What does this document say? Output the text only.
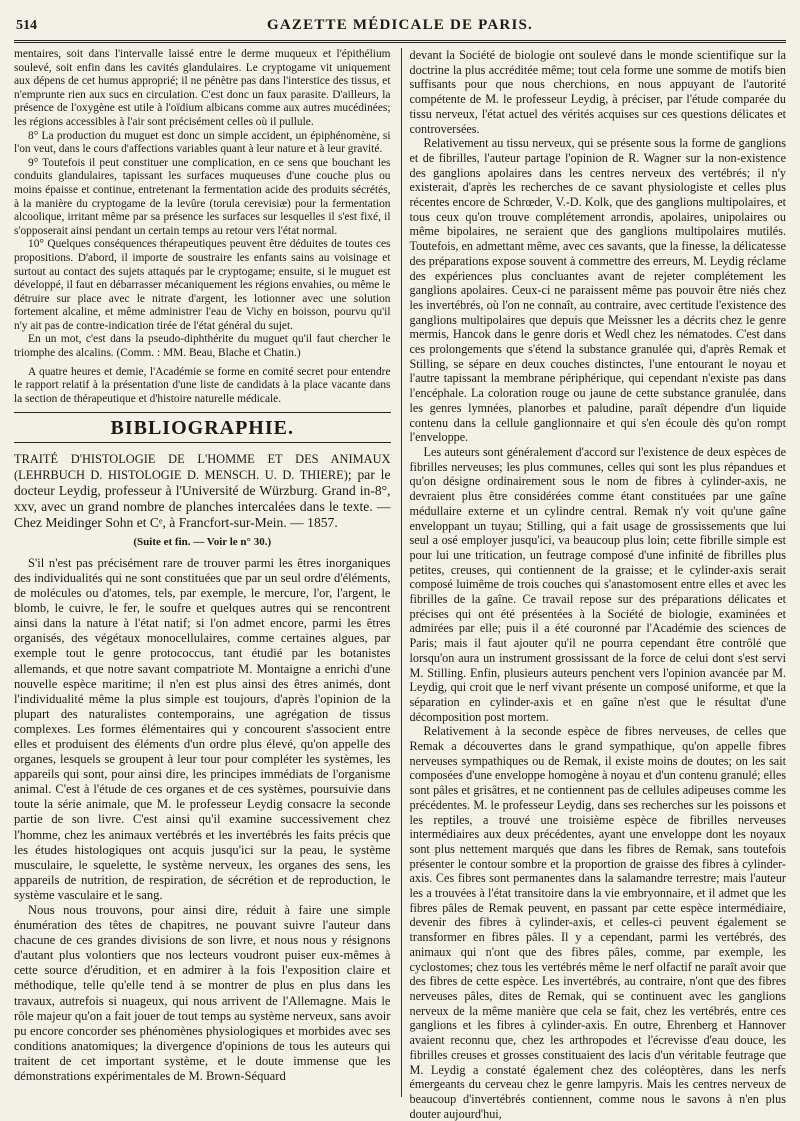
514	GAZETTE MÉDICALE DE PARIS.

mentaires, soit dans l'intervalle laissé entre le derme muqueux et l'épithélium soulevé, soit enfin dans les cavités glandulaires. Le cryptogame vit uniquement aux dépens de cet humus approprié; il ne pénètre pas dans l'interstice des tissus, et n'emprunte rien aux sucs en circulation. C'est donc un faux parasite. D'ailleurs, la présence de l'oxygène est utile à l'oïdium albicans comme aux autres mucédinées; les régions accessibles à l'air sont précisément celles où il pullule.

8° La production du muguet est donc un simple accident, un épiphénomène, si l'on veut, dans le cours d'affections variables quant à leur nature et à leur gravité.

9° Toutefois il peut constituer une complication, en ce sens que bouchant les conduits glandulaires, tapissant les surfaces muqueuses d'une couche plus ou moins épaisse et continue, entretenant la fermentation acide des produits sécrétés, à la manière du cryptogame de la levûre (torula cerevisiæ) pour la fermentation alcoolique, irritant même par sa présence les surfaces sur lesquelles il s'est fixé, il s'opposerait ainsi pendant un certain temps au retour vers l'état normal.

10° Quelques conséquences thérapeutiques peuvent être déduites de toutes ces propositions. D'abord, il importe de soustraire les enfants sains au voisinage et surtout au contact des sujets attaqués par le cryptogame; ensuite, si le muguet est développé, il faut en débarrasser mécaniquement les régions envahies, ou même le détruire sur place avec le nitrate d'argent, les lotionner avec une solution fortement alcaline, et même administrer l'eau de Vichy en boisson, pourvu qu'il n'y ait pas de contre-indication tirée de l'état général du sujet.

En un mot, c'est dans la pseudo-diphthérite du muguet qu'il faut chercher le triomphe des alcalins. (Comm. : MM. Beau, Blache et Chatin.)

A quatre heures et demie, l'Académie se forme en comité secret pour entendre le rapport relatif à la présentation d'une liste de candidats à la place vacante dans la section de thérapeutique et d'histoire naturelle médicale.

BIBLIOGRAPHIE.

TRAITÉ D'HISTOLOGIE DE L'HOMME ET DES ANIMAUX (LEHRBUCH D. HISTOLOGIE D. MENSCH. U. D. THIERE); par le docteur Leydig, professeur à l'Université de Würzburg. Grand in-8°, xxv, avec un grand nombre de planches intercalées dans le texte. — Chez Meidinger Sohn et Cᵉ, à Francfort-sur-Mein. — 1857.

(Suite et fin. — Voir le n° 30.)

S'il n'est pas précisément rare de trouver parmi les êtres inorganiques des individualités qui ne sont constituées que par un seul ordre d'éléments, de molécules ou d'atomes, tels, par exemple, le mercure, l'or, l'argent, le blomb, le cuivre, le fer, le soufre et quelques autres qui se rencontrent ainsi dans la nature à l'état natif; si l'on admet encore, parmi les êtres organisés, des végétaux monocellulaires, comme certaines algues, par exemple tout le genre protococcus, tant étudié par les botanistes allemands, et que notre savant compatriote M. Montaigne a enrichi d'une nouvelle espèce maritime; il n'en est plus ainsi des êtres animés, dont l'individualité même la plus simple est toujours, d'après l'opinion de la plupart des naturalistes contemporains, une agrégation de tissus complexes. Les formes élémentaires qui y concourent s'associent entre elles et produisent des éléments d'un ordre plus élevé, qu'on appelle des organes, lesquels se groupent à leur tour pour compléter les systèmes, les appareils qui sont, pour ainsi dire, les principes immédiats de l'organisme animal. C'est à l'étude de ces organes et de ces systèmes, poursuivie dans toute la série animale, que M. le professeur Leydig consacre la seconde partie de son livre. C'est ainsi qu'il examine successivement chez l'homme, chez les animaux vertébrés et les invertébrés les faits précis que les études histologiques ont acquis jusqu'ici sur la peau, le système musculaire, le squelette, le système nerveux, les organes des sens, les appareils de nutrition, de respiration, de sécrétion et de reproduction, le système vasculaire et le sang.

Nous nous trouvons, pour ainsi dire, réduit à faire une simple énumération des têtes de chapitres, ne pouvant suivre l'auteur dans chacune de ces grandes divisions de son livre, et nous nous y résignons d'autant plus volontiers que nos lecteurs voudront puiser eux-mêmes à cette source d'érudition, et en admirer à la fois l'exposition claire et méthodique, telle qu'elle tend à se montrer de plus en plus dans les travaux, autrefois si nuageux, qui nous arrivent de l'Allemagne. Mais le rôle majeur qu'on a fait jouer de tout temps au système nerveux, sans avoir pu encore concorder ses phénomènes physiologiques et morbides avec ses conditions anatomiques; la divergence d'opinions de tous les auteurs qui traitent de cet important système, et le doute immense que les démonstrations expérimentales de M. Brown-Séquard

devant la Société de biologie ont soulevé dans le monde scientifique sur la doctrine la plus accréditée même; tout cela forme une somme de motifs bien suffisants pour que nous cherchions, en nous appuyant de l'autorité compétente de M. le professeur Leydig, à préciser, par l'étude comparée du tissu nerveux, l'état actuel des vérités acquises sur ces questions délicates et controversées.

Relativement au tissu nerveux, qui se présente sous la forme de ganglions et de fibrilles, l'auteur partage l'opinion de R. Wagner sur la non-existence des ganglions apolaires dans les centres nerveux des vertébrés; il n'y existerait, d'après les recherches de ce savant physiologiste et celles plus récentes encore de Schrœder, V.-D. Kolk, que des ganglions multipolaires, et tous ceux qu'on trouve complétement arrondis, apolaires, unipolaires ou même bipolaires, ne seraient que des ganglions multipolaires mutilés. Toutefois, en admettant même, avec ces savants, que la finesse, la délicatesse des préparations expose souvent à commettre des erreurs, M. Leydig réclame des expériences plus concluantes avant de rejeter complétement les ganglions apolaires. Ceux-ci ne paraissent même pas pouvoir être niés chez les invertébrés, où l'on ne connaît, au contraire, avec certitude l'existence des ganglions multipolaires que depuis que Meissner les a décrits chez le genre mermis, Hancok dans le genre doris et Wedl chez les nématodes. C'est dans ces prolongements que s'étend la substance granulée qui, d'après Remak et Stilling, se sépare en deux couches distinctes, l'une entourant le noyau et l'autre tapissant la membrane périphérique, qui cependant n'existe pas dans l'encéphale. La coloration rouge ou jaune de cette substance granulée, dans les genres lymnées, planorbes et paludine, paraît dépendre d'un liquide contenu dans la cellule ganglionnaire et qui s'en écoule dès qu'on rompt l'enveloppe.

Les auteurs sont généralement d'accord sur l'existence de deux espèces de fibrilles nerveuses; les plus communes, celles qui sont les plus répandues et qu'on désigne ordinairement sous le nom de fibres à cylinder-axis, ne devraient plus être considérées comme étant constituées par une gaîne médullaire externe et un cylindre central. Remak n'y voit qu'une gaîne enveloppant un tuyau; Stilling, qui a fait usage de grossissements que lui seul a osé employer jusqu'ici, va beaucoup plus loin; cette fibrille simple est pour lui une tritication, un feutrage composé d'une infinité de fibrilles plus petites, creuses, qui contiennent de la graisse; et le cylinder-axis serait composé luimême de trois couches qui s'anastomosent entre elles et avec les fibrilles de la gaîne. Ce travail repose sur des préparations délicates et précises qui ont été présentées à la Société de biologie, examinées et admirées par elle; puis il a été couronné par l'Académie des sciences de Paris; mais il faut ajouter qu'il ne pourra cependant être contrôlé que lorsqu'on aura un instrument grossissant de la force de celui dont s'est servi M. Stilling. Enfin, plusieurs auteurs penchent vers l'opinion avancée par M. Leydig, qui croit que le nerf vivant présente un composé uniforme, et que la séparation en cylinder-axis et en gaîne n'est que le résultat d'une décomposition post mortem.

Relativement à la seconde espèce de fibres nerveuses, de celles que Remak a découvertes dans le grand sympathique, qu'on appelle fibres nerveuses sympathiques ou de Remak, il existe moins de doutes; on les sait composées d'une enveloppe homogène à noyau et d'un contenu granulé; elles sont pâles et grisâtres, et ne contiennent pas de cellules adipeuses comme les précédentes. M. le professeur Leydig, dans ses recherches sur les poissons et les reptiles, a trouvé une troisième espèce de fibrilles nerveuses intermédiaires aux deux précédentes, ayant une enveloppe dont les noyaux sont plus nettement marqués que dans les fibres de Remak, sans toutefois présenter le contour sombre et la proportion de graisse des fibres à cylinder-axis. Ces fibres sont permanentes dans la salamandre terrestre; mais l'auteur les a trouvées à l'état transitoire dans la vie embryonnaire, et il admet que les fibres pâles de Remak peuvent, en passant par cette espèce intermédiaire, devenir des fibres à cylinder-axis, et celles-ci peuvent également se transformer en fibres pâles. Il y a cependant, parmi les vertébrés, des animaux qui n'ont que des fibres pâles, comme, par exemple, les cyclostomes; chez tous les vertébrés même le nerf olfactif ne paraît avoir que des fibres de cette espèce. Les invertébrés, au contraire, n'ont que des fibres nerveuses pâles, dites de Remak, qui se continuent avec les ganglions nerveux de la même manière que cela se fait, chez les vertébrés, entre ces ganglions et les fibres à cylinder-axis. En outre, Ehrenberg et Hannover avaient reconnu que, chez les arthropodes et l'écrevisse d'eau douce, les fibrilles creuses et grosses constituaient des lacis d'un véritable feutrage que M. Leydig a constaté également chez des coléoptères, dans les nerfs émergeants du cerveau chez le genre lampyris. Mais les centres nerveux de beaucoup d'invertébrés contiennent, comme nous le savons à n'en plus douter aujourd'hui,
